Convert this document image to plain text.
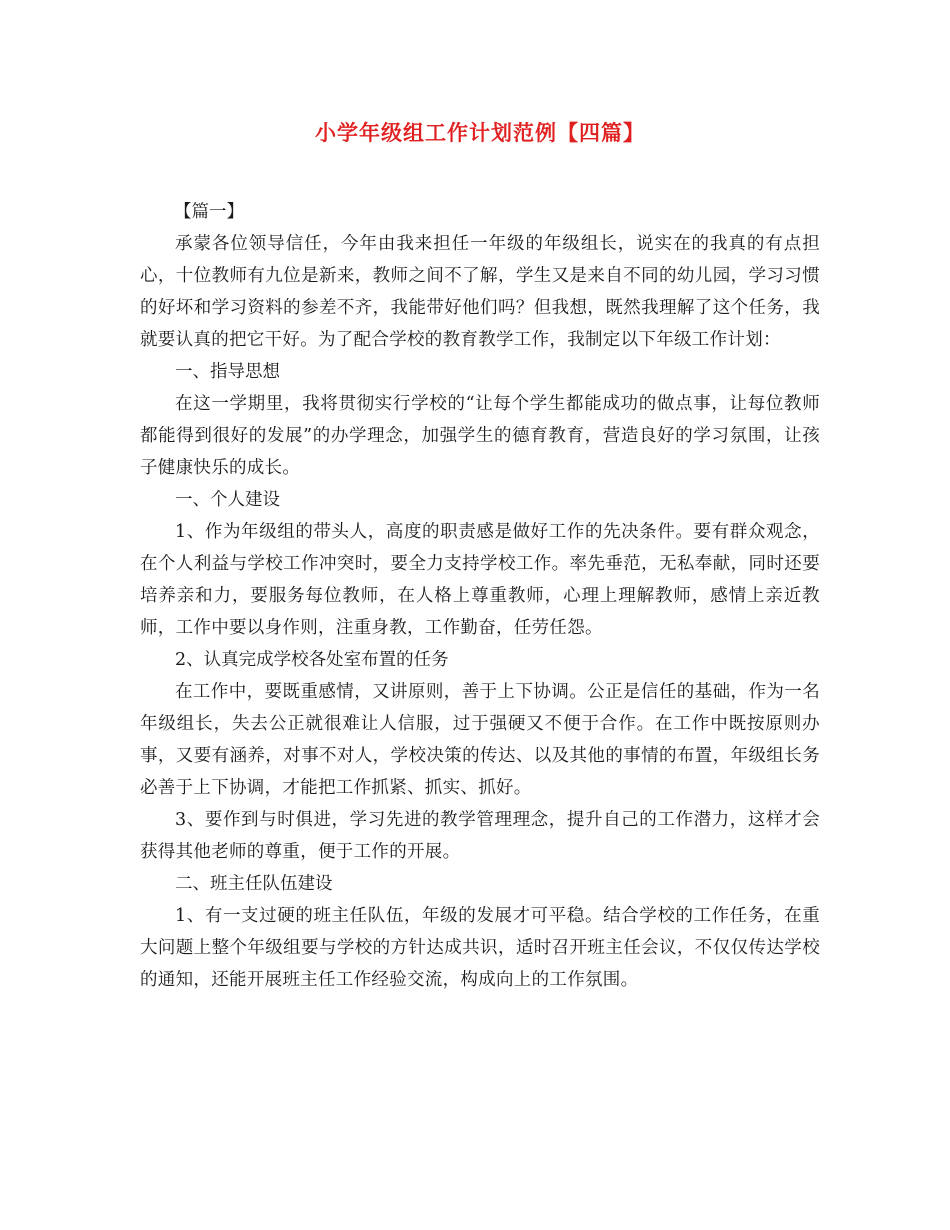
小学年级组工作计划范例【四篇】

【篇一】

承蒙各位领导信任，今年由我来担任一年级的年级组长，说实在的我真的有点担心，十位教师有九位是新来，教师之间不了解，学生又是来自不同的幼儿园，学习习惯的好坏和学习资料的参差不齐，我能带好他们吗？但我想，既然我理解了这个任务，我就要认真的把它干好。为了配合学校的教育教学工作，我制定以下年级工作计划：

一、指导思想

在这一学期里，我将贯彻实行学校的“让每个学生都能成功的做点事，让每位教师都能得到很好的发展”的办学理念，加强学生的德育教育，营造良好的学习氛围，让孩子健康快乐的成长。

一、个人建设

1、作为年级组的带头人，高度的职责感是做好工作的先决条件。要有群众观念，在个人利益与学校工作冲突时，要全力支持学校工作。率先垂范，无私奉献，同时还要培养亲和力，要服务每位教师，在人格上尊重教师，心理上理解教师，感情上亲近教师，工作中要以身作则，注重身教，工作勤奋，任劳任怨。

2、认真完成学校各处室布置的任务

在工作中，要既重感情，又讲原则，善于上下协调。公正是信任的基础，作为一名年级组长，失去公正就很难让人信服，过于强硬又不便于合作。在工作中既按原则办事，又要有涵养，对事不对人，学校决策的传达、以及其他的事情的布置，年级组长务必善于上下协调，才能把工作抓紧、抓实、抓好。

3、要作到与时俱进，学习先进的教学管理理念，提升自己的工作潜力，这样才会获得其他老师的尊重，便于工作的开展。

二、班主任队伍建设

1、有一支过硬的班主任队伍，年级的发展才可平稳。结合学校的工作任务，在重大问题上整个年级组要与学校的方针达成共识，适时召开班主任会议，不仅仅传达学校的通知，还能开展班主任工作经验交流，构成向上的工作氛围。
